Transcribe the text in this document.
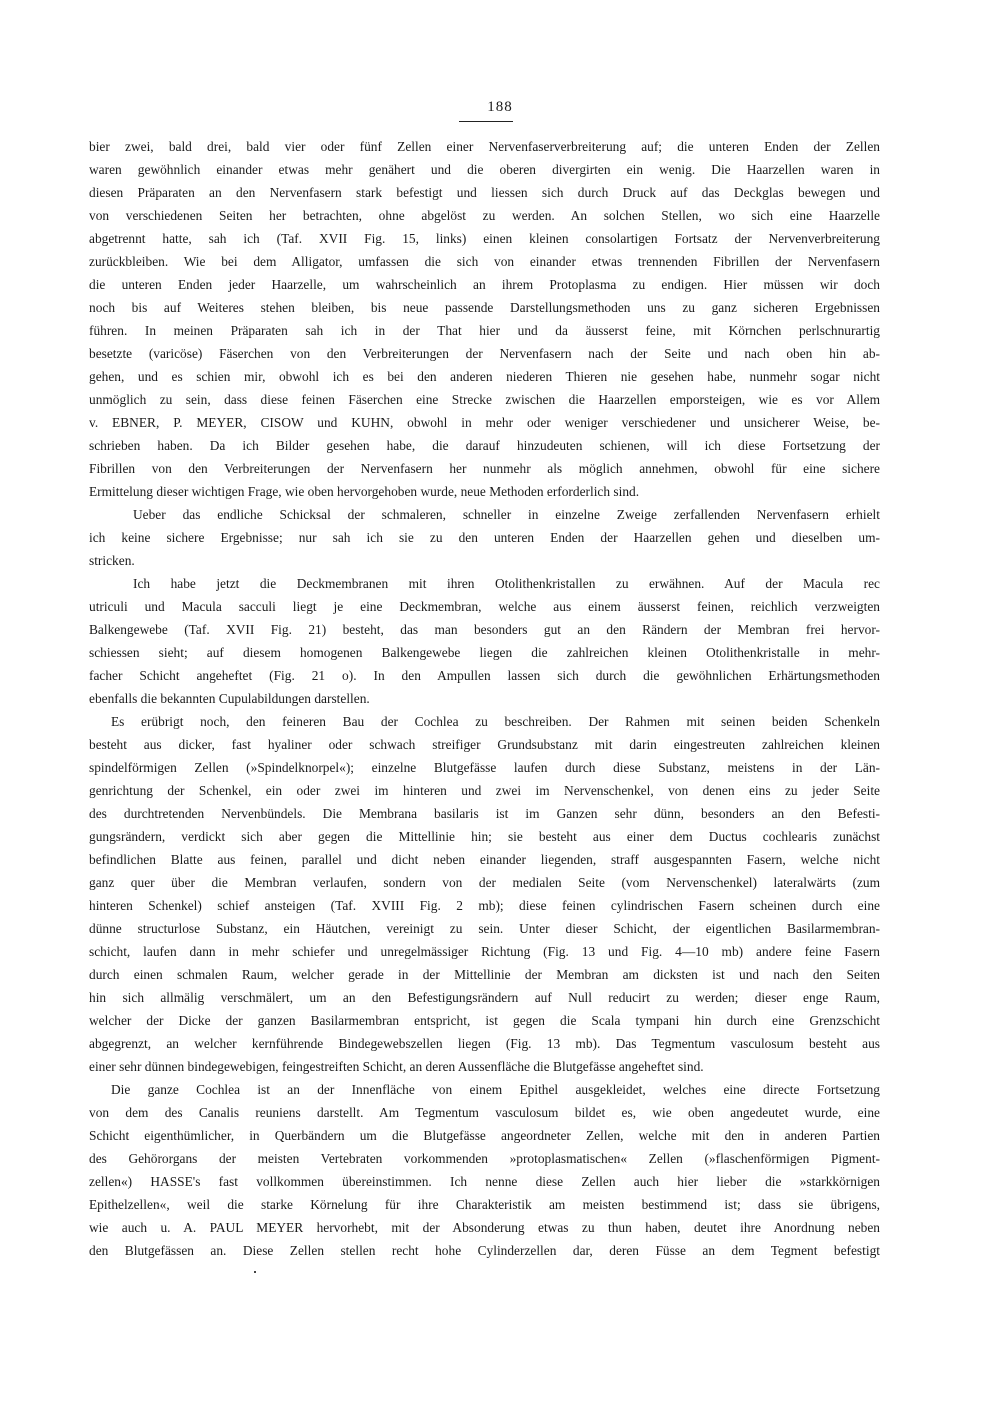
188
bier zwei, bald drei, bald vier oder fünf Zellen einer Nervenfaserverbreiterung auf; die unteren Enden der Zellen
waren gewöhnlich einander etwas mehr genähert und die oberen divergirten ein wenig. Die Haarzellen waren in
diesen Präparaten an den Nervenfasern stark befestigt und liessen sich durch Druck auf das Deckglas bewegen und
von verschiedenen Seiten her betrachten, ohne abgelöst zu werden. An solchen Stellen, wo sich eine Haarzelle
abgetrennt hatte, sah ich (Taf. XVII Fig. 15, links) einen kleinen consolartigen Fortsatz der Nervenverbreiterung
zurückbleiben. Wie bei dem Alligator, umfassen die sich von einander etwas trennenden Fibrillen der Nervenfasern
die unteren Enden jeder Haarzelle, um wahrscheinlich an ihrem Protoplasma zu endigen. Hier müssen wir doch
noch bis auf Weiteres stehen bleiben, bis neue passende Darstellungsmethoden uns zu ganz sicheren Ergebnissen
führen. In meinen Präparaten sah ich in der That hier und da äusserst feine, mit Körnchen perlschnurartig
besetzte (varicöse) Fäserchen von den Verbreiterungen der Nervenfasern nach der Seite und nach oben hin ab-
gehen, und es schien mir, obwohl ich es bei den anderen niederen Thieren nie gesehen habe, nunmehr sogar nicht
unmöglich zu sein, dass diese feinen Fäserchen eine Strecke zwischen die Haarzellen emporsteigen, wie es vor Allem
v. EBNER, P. MEYER, CISOW und KUHN, obwohl in mehr oder weniger verschiedener und unsicherer Weise, be-
schrieben haben. Da ich Bilder gesehen habe, die darauf hinzudeuten schienen, will ich diese Fortsetzung der
Fibrillen von den Verbreiterungen der Nervenfasern her nunmehr als möglich annehmen, obwohl für eine sichere
Ermittelung dieser wichtigen Frage, wie oben hervorgehoben wurde, neue Methoden erforderlich sind.
Ueber das endliche Schicksal der schmaleren, schneller in einzelne Zweige zerfallenden Nervenfasern erhielt
ich keine sichere Ergebnisse; nur sah ich sie zu den unteren Enden der Haarzellen gehen und dieselben um-
stricken.
Ich habe jetzt die Deckmembranen mit ihren Otolithenkristallen zu erwähnen. Auf der Macula rec
utriculi und Macula sacculi liegt je eine Deckmembran, welche aus einem äusserst feinen, reichlich verzweigten
Balkengewebe (Taf. XVII Fig. 21) besteht, das man besonders gut an den Rändern der Membran frei hervor-
schiessen sieht; auf diesem homogenen Balkengewebe liegen die zahlreichen kleinen Otolithenkristalle in mehr-
facher Schicht angeheftet (Fig. 21 o). In den Ampullen lassen sich durch die gewöhnlichen Erhärtungsmethoden
ebenfalls die bekannten Cupulabildungen darstellen.
Es erübrigt noch, den feineren Bau der Cochlea zu beschreiben. Der Rahmen mit seinen beiden Schenkeln
besteht aus dicker, fast hyaliner oder schwach streifiger Grundsubstanz mit darin eingestreuten zahlreichen kleinen
spindelförmigen Zellen (»Spindelknorpel«); einzelne Blutgefässe laufen durch diese Substanz, meistens in der Län-
genrichtung der Schenkel, ein oder zwei im hinteren und zwei im Nervenschenkel, von denen eins zu jeder Seite
des durchtretenden Nervenbündels. Die Membrana basilaris ist im Ganzen sehr dünn, besonders an den Befesti-
gungsrändern, verdickt sich aber gegen die Mittellinie hin; sie besteht aus einer dem Ductus cochlearis zunächst
befindlichen Blatte aus feinen, parallel und dicht neben einander liegenden, straff ausgespannten Fasern, welche nicht
ganz quer über die Membran verlaufen, sondern von der medialen Seite (vom Nervenschenkel) lateralwärts (zum
hinteren Schenkel) schief ansteigen (Taf. XVIII Fig. 2 mb); diese feinen cylindrischen Fasern scheinen durch eine
dünne structurlose Substanz, ein Häutchen, vereinigt zu sein. Unter dieser Schicht, der eigentlichen Basilarmembran-
schicht, laufen dann in mehr schiefer und unregelmässiger Richtung (Fig. 13 und Fig. 4—10 mb) andere feine Fasern
durch einen schmalen Raum, welcher gerade in der Mittellinie der Membran am dicksten ist und nach den Seiten
hin sich allmälig verschmälert, um an den Befestigungsrändern auf Null reducirt zu werden; dieser enge Raum,
welcher der Dicke der ganzen Basilarmembran entspricht, ist gegen die Scala tympani hin durch eine Grenzschicht
abgegrenzt, an welcher kernführende Bindegewebszellen liegen (Fig. 13 mb). Das Tegmentum vasculosum besteht aus
einer sehr dünnen bindegewebigen, feingestreiften Schicht, an deren Aussenfläche die Blutgefässe angeheftet sind.
Die ganze Cochlea ist an der Innenfläche von einem Epithel ausgekleidet, welches eine directe Fortsetzung
von dem des Canalis reuniens darstellt. Am Tegmentum vasculosum bildet es, wie oben angedeutet wurde, eine
Schicht eigenthümlicher, in Querbändern um die Blutgefässe angeordneter Zellen, welche mit den in anderen Partien
des Gehörorgans der meisten Vertebraten vorkommenden »protoplasmatischen« Zellen (»flaschenförmigen Pigment-
zellen«) HASSE's fast vollkommen übereinstimmen. Ich nenne diese Zellen auch hier lieber die »starkkörnigen
Epithelzellen«, weil die starke Körnelung für ihre Charakteristik am meisten bestimmend ist; dass sie übrigens,
wie auch u. A. PAUL MEYER hervorhebt, mit der Absonderung etwas zu thun haben, deutet ihre Anordnung neben
den Blutgefässen an. Diese Zellen stellen recht hohe Cylinderzellen dar, deren Füsse an dem Tegment befestigt
